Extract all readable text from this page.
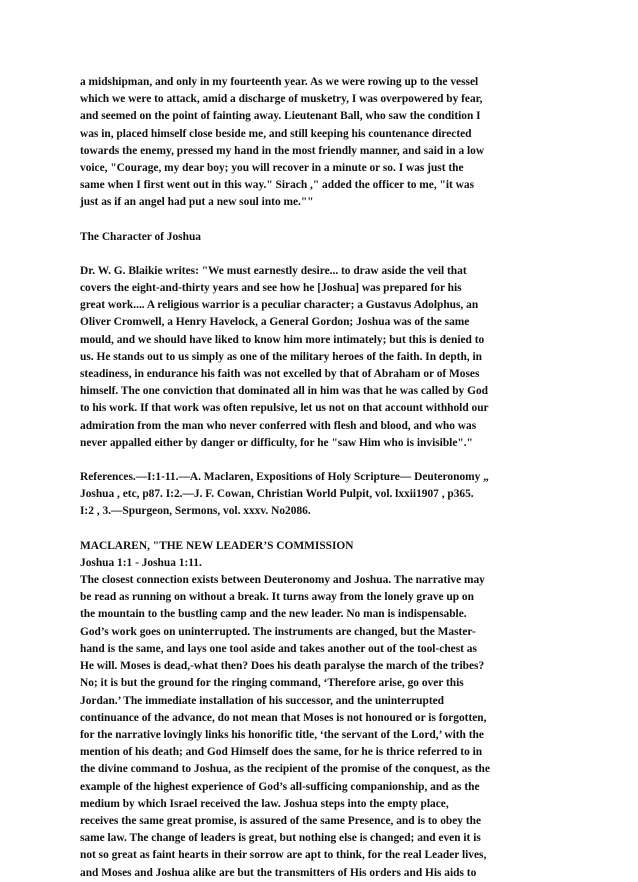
a midshipman, and only in my fourteenth year. As we were rowing up to the vessel
which we were to attack, amid a discharge of musketry, I was overpowered by fear,
and seemed on the point of fainting away. Lieutenant Ball, who saw the condition I
was in, placed himself close beside me, and still keeping his countenance directed
towards the enemy, pressed my hand in the most friendly manner, and said in a low
voice, "Courage, my dear boy; you will recover in a minute or so. I was just the
same when I first went out in this way." Sirach ," added the officer to me, "it was
just as if an angel had put a new soul into me.""
The Character of Joshua
Dr. W. G. Blaikie writes: "We must earnestly desire... to draw aside the veil that
covers the eight-and-thirty years and see how he [Joshua] was prepared for his
great work.... A religious warrior is a peculiar character; a Gustavus Adolphus, an
Oliver Cromwell, a Henry Havelock, a General Gordon; Joshua was of the same
mould, and we should have liked to know him more intimately; but this is denied to
us. He stands out to us simply as one of the military heroes of the faith. In depth, in
steadiness, in endurance his faith was not excelled by that of Abraham or of Moses
himself. The one conviction that dominated all in him was that he was called by God
to his work. If that work was often repulsive, let us not on that account withhold our
admiration from the man who never conferred with flesh and blood, and who was
never appalled either by danger or difficulty, for he "saw Him who is invisible"."
References.—I:1-11.—A. Maclaren, Expositions of Holy Scripture— Deuteronomy „
Joshua , etc, p87. I:2.—J. F. Cowan, Christian World Pulpit, vol. lxxii1907 , p365.
I:2 , 3.—Spurgeon, Sermons, vol. xxxv. No2086.
MACLAREN, "THE NEW LEADER’S COMMISSION
Joshua 1:1 - Joshua 1:11.
The closest connection exists between Deuteronomy and Joshua. The narrative may
be read as running on without a break. It turns away from the lonely grave up on
the mountain to the bustling camp and the new leader. No man is indispensable.
God’s work goes on uninterrupted. The instruments are changed, but the Master-
hand is the same, and lays one tool aside and takes another out of the tool-chest as
He will. Moses is dead,-what then? Does his death paralyse the march of the tribes?
No; it is but the ground for the ringing command, ‘Therefore arise, go over this
Jordan.’ The immediate installation of his successor, and the uninterrupted
continuance of the advance, do not mean that Moses is not honoured or is forgotten,
for the narrative lovingly links his honorific title, ‘the servant of the Lord,’ with the
mention of his death; and God Himself does the same, for he is thrice referred to in
the divine command to Joshua, as the recipient of the promise of the conquest, as the
example of the highest experience of God’s all-sufficing companionship, and as the
medium by which Israel received the law. Joshua steps into the empty place,
receives the same great promise, is assured of the same Presence, and is to obey the
same law. The change of leaders is great, but nothing else is changed; and even it is
not so great as faint hearts in their sorrow are apt to think, for the real Leader lives,
and Moses and Joshua alike are but the transmitters of His orders and His aids to
